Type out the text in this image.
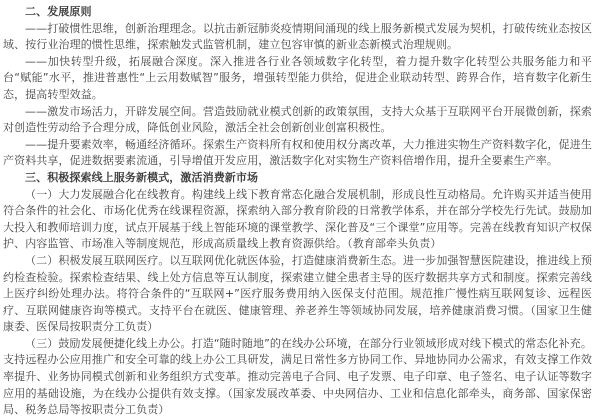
二、发展原则

——打破惯性思维，创新治理理念。以抗击新冠肺炎疫情期间涌现的线上服务新模式发展为契机，打破传统业态按区域、按行业治理的惯性思维，探索触发式监管机制，建立包容审慎的新业态新模式治理规则。

——加快转型升级，拓展融合深度。深入推进各行业各领域数字化转型，着力提升数字化转型公共服务能力和平台“赋能”水平，推进普惠性“上云用数赋智”服务，增强转型能力供给，促进企业联动转型、跨界合作，培育数字化新生态，提高转型效益。

——激发市场活力，开辟发展空间。营造鼓励就业模式创新的政策氛围，支持大众基于互联网平台开展微创新，探索对创造性劳动给予合理分成，降低创业风险，激活全社会创新创业创富积极性。

——提升要素效率，畅通经济循环。探索生产资料所有权和使用权分离改革，大力推进实物生产资料数字化，促进生产资料共享，促进数据要素流通，引导增值开发应用，激活数字化对实物生产资料倍增作用，提升全要素生产率。

三、积极探索线上服务新模式，激活消费新市场

（一）大力发展融合化在线教育。构建线上线下教育常态化融合发展机制，形成良性互动格局。允许购买并适当使用符合条件的社会化、市场化优秀在线课程资源，探索纳入部分教育阶段的日常教学体系，并在部分学校先行先试。鼓励加大投入和教师培训力度，试点开展基于线上智能环境的课堂教学、深化普及“三个课堂”应用等。完善在线教育知识产权保护、内容监管、市场准入等制度规范，形成高质量线上教育资源供给。（教育部牵头负责）

（二）积极发展互联网医疗。以互联网优化就医体验，打造健康消费新生态。进一步加强智慧医院建设，推进线上预约检查检验。探索检查结果、线上处方信息等互认制度，探索建立健全患者主导的医疗数据共享方式和制度。探索完善线上医疗纠纷处理办法。将符合条件的“互联网+”医疗服务费用纳入医保支付范围。规范推广慢性病互联网复诊、远程医疗、互联网健康咨询等模式。支持平台在就医、健康管理、养老养生等领域协同发展，培养健康消费习惯。（国家卫生健康委、医保局按职责分工负责）

（三）鼓励发展便捷化线上办公。打造“随时随地”的在线办公环境，在部分行业领域形成对线下模式的常态化补充。支持远程办公应用推广和安全可靠的线上办公工具研发，满足日常性多方协同工作、异地协同办公需求，有效支撑工作效率提升、业务协同模式创新和业务组织方式变革。推动完善电子合同、电子发票、电子印章、电子签名、电子认证等数字应用的基础设施，为在线办公提供有效支撑。（国家发展改革委、中央网信办、工业和信息化部牵头，商务部、国家保密局、税务总局等按职责分工负责）
